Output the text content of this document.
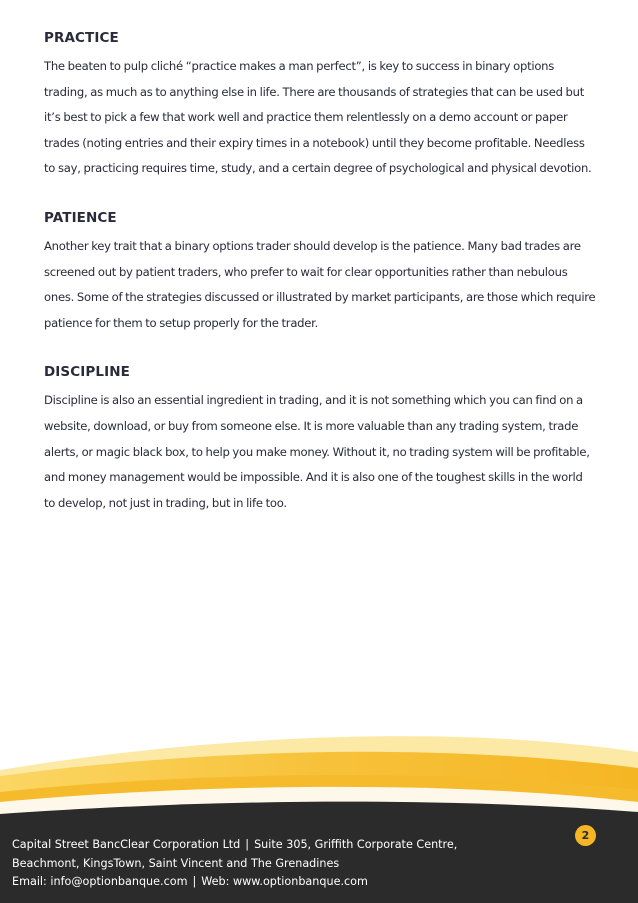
PRACTICE

The beaten to pulp cliché “practice makes a man perfect”, is key to success in binary options trading, as much as to anything else in life. There are thousands of strategies that can be used but it’s best to pick a few that work well and practice them relentlessly on a demo account or paper trades (noting entries and their expiry times in a notebook) until they become profitable. Needless to say, practicing requires time, study, and a certain degree of psychological and physical devotion.

PATIENCE

Another key trait that a binary options trader should develop is the patience. Many bad trades are screened out by patient traders, who prefer to wait for clear opportunities rather than nebulous ones. Some of the strategies discussed or illustrated by market participants, are those which require patience for them to setup properly for the trader.

DISCIPLINE

Discipline is also an essential ingredient in trading, and it is not something which you can find on a website, download, or buy from someone else. It is more valuable than any trading system, trade alerts, or magic black box, to help you make money. Without it, no trading system will be profitable, and money management would be impossible. And it is also one of the toughest skills in the world to develop, not just in trading, but in life too.

2
Capital Street BancClear Corporation Ltd | Suite 305, Griffith Corporate Centre,
Beachmont, KingsTown, Saint Vincent and The Grenadines
Email: info@optionbanque.com | Web: www.optionbanque.com
